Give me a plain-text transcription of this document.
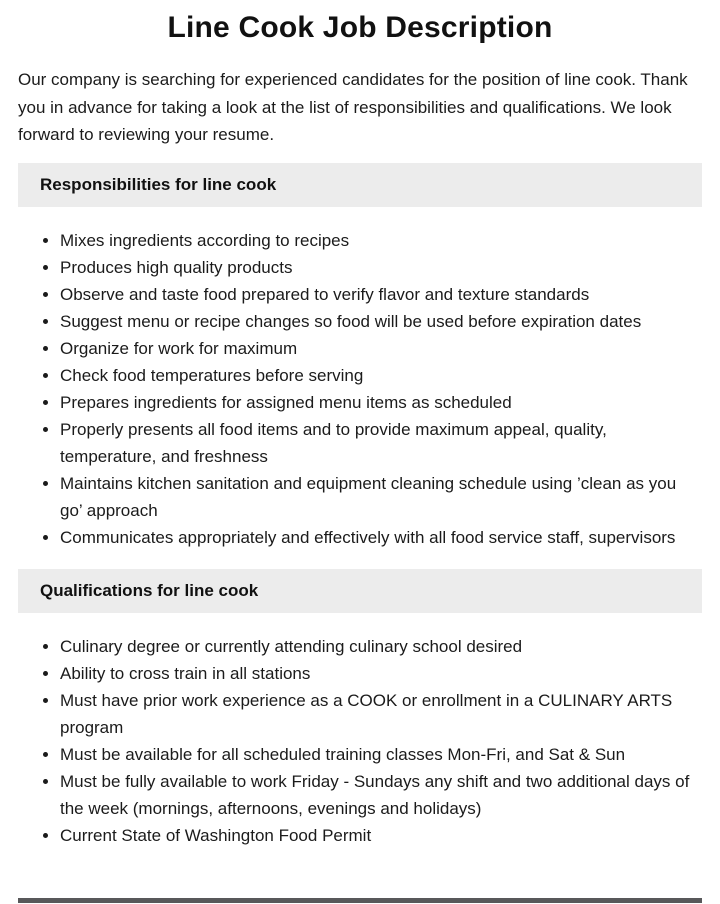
Line Cook Job Description

Our company is searching for experienced candidates for the position of line cook. Thank you in advance for taking a look at the list of responsibilities and qualifications. We look forward to reviewing your resume.

Responsibilities for line cook
• Mixes ingredients according to recipes
• Produces high quality products
• Observe and taste food prepared to verify flavor and texture standards
• Suggest menu or recipe changes so food will be used before expiration dates
• Organize for work for maximum
• Check food temperatures before serving
• Prepares ingredients for assigned menu items as scheduled
• Properly presents all food items and to provide maximum appeal, quality, temperature, and freshness
• Maintains kitchen sanitation and equipment cleaning schedule using ’clean as you go’ approach
• Communicates appropriately and effectively with all food service staff, supervisors
Qualifications for line cook
• Culinary degree or currently attending culinary school desired
• Ability to cross train in all stations
• Must have prior work experience as a COOK or enrollment in a CULINARY ARTS program
• Must be available for all scheduled training classes Mon-Fri, and Sat & Sun
• Must be fully available to work Friday - Sundays any shift and two additional days of the week (mornings, afternoons, evenings and holidays)
• Current State of Washington Food Permit
